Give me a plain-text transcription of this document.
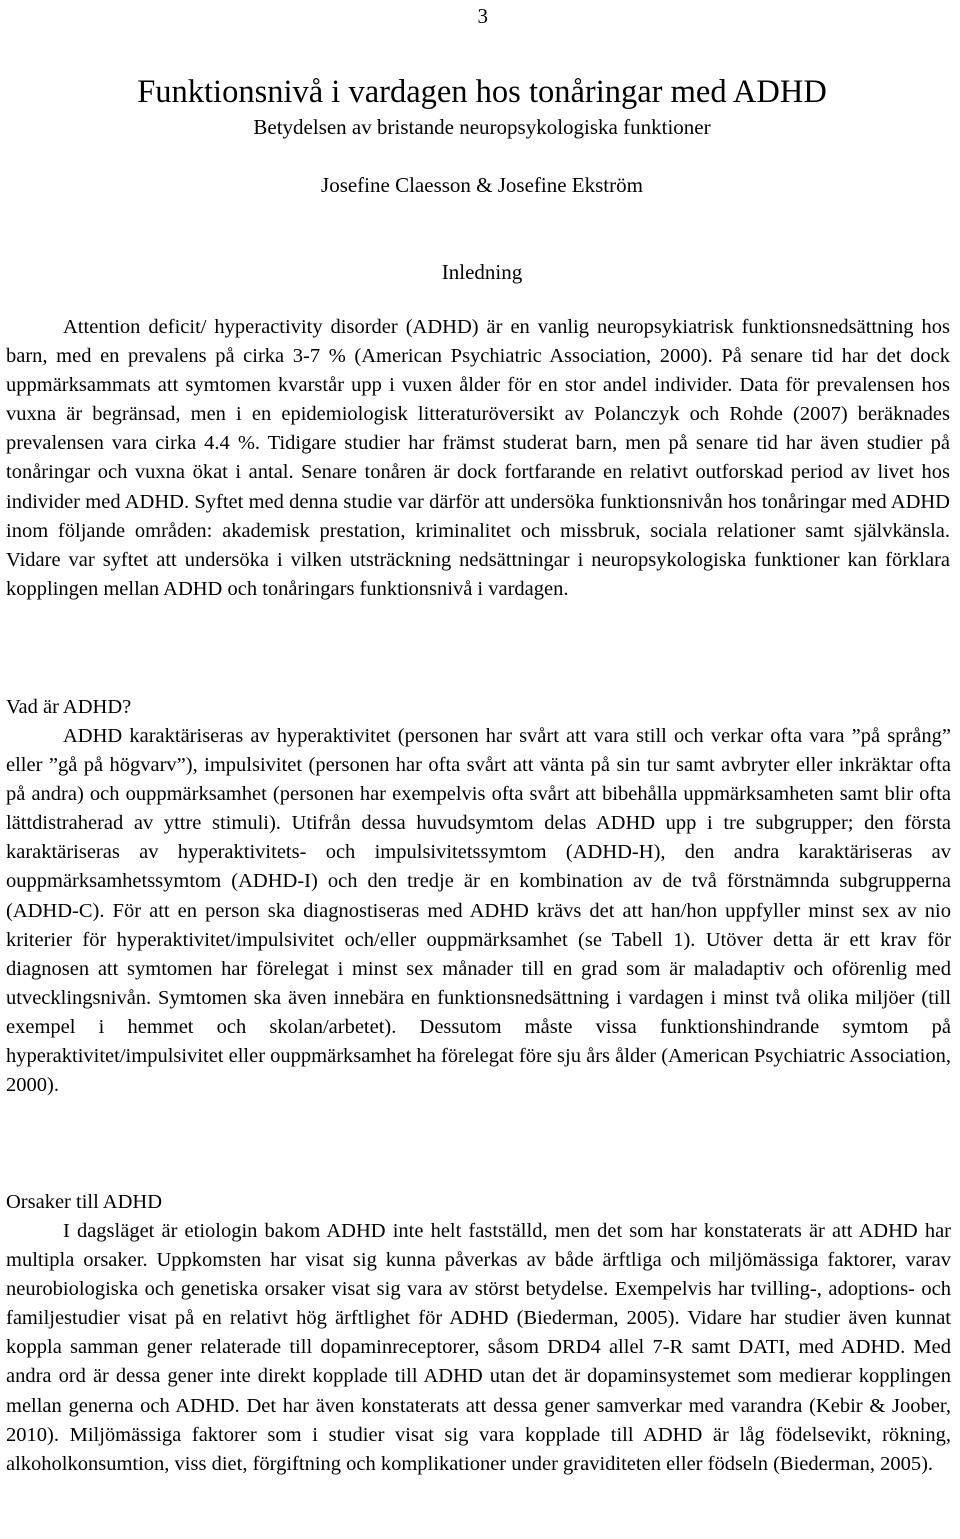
3
Funktionsnivå i vardagen hos tonåringar med ADHD
Betydelsen av bristande neuropsykologiska funktioner
Josefine Claesson & Josefine Ekström
Inledning

Attention deficit/ hyperactivity disorder (ADHD) är en vanlig neuropsykiatrisk funktionsnedsättning hos barn, med en prevalens på cirka 3-7 % (American Psychiatric Association, 2000). På senare tid har det dock uppmärksammats att symtomen kvarstår upp i vuxen ålder för en stor andel individer. Data för prevalensen hos vuxna är begränsad, men i en epidemiologisk litteraturöversikt av Polanczyk och Rohde (2007) beräknades prevalensen vara cirka 4.4 %. Tidigare studier har främst studerat barn, men på senare tid har även studier på tonåringar och vuxna ökat i antal. Senare tonåren är dock fortfarande en relativt outforskad period av livet hos individer med ADHD. Syftet med denna studie var därför att undersöka funktionsnivån hos tonåringar med ADHD inom följande områden: akademisk prestation, kriminalitet och missbruk, sociala relationer samt självkänsla. Vidare var syftet att undersöka i vilken utsträckning nedsättningar i neuropsykologiska funktioner kan förklara kopplingen mellan ADHD och tonåringars funktionsnivå i vardagen.

Vad är ADHD?

ADHD karaktäriseras av hyperaktivitet (personen har svårt att vara still och verkar ofta vara ”på språng” eller ”gå på högvarv”), impulsivitet (personen har ofta svårt att vänta på sin tur samt avbryter eller inkräktar ofta på andra) och ouppmärksamhet (personen har exempelvis ofta svårt att bibehålla uppmärksamheten samt blir ofta lättdistraherad av yttre stimuli). Utifrån dessa huvudsymtom delas ADHD upp i tre subgrupper; den första karaktäriseras av hyperaktivitets- och impulsivitetssymtom (ADHD-H), den andra karaktäriseras av ouppmärksamhetssymtom (ADHD-I) och den tredje är en kombination av de två förstnämnda subgrupperna (ADHD-C). För att en person ska diagnostiseras med ADHD krävs det att han/hon uppfyller minst sex av nio kriterier för hyperaktivitet/impulsivitet och/eller ouppmärksamhet (se Tabell 1). Utöver detta är ett krav för diagnosen att symtomen har förelegat i minst sex månader till en grad som är maladaptiv och oförenlig med utvecklingsnivån. Symtomen ska även innebära en funktionsnedsättning i vardagen i minst två olika miljöer (till exempel i hemmet och skolan/arbetet). Dessutom måste vissa funktionshindrande symtom på hyperaktivitet/impulsivitet eller ouppmärksamhet ha förelegat före sju års ålder (American Psychiatric Association, 2000).

Orsaker till ADHD

I dagsläget är etiologin bakom ADHD inte helt fastställd, men det som har konstaterats är att ADHD har multipla orsaker. Uppkomsten har visat sig kunna påverkas av både ärftliga och miljömässiga faktorer, varav neurobiologiska och genetiska orsaker visat sig vara av störst betydelse. Exempelvis har tvilling-, adoptions- och familjestudier visat på en relativt hög ärftlighet för ADHD (Biederman, 2005). Vidare har studier även kunnat koppla samman gener relaterade till dopaminreceptorer, såsom DRD4 allel 7-R samt DATI, med ADHD. Med andra ord är dessa gener inte direkt kopplade till ADHD utan det är dopaminsystemet som medierar kopplingen mellan generna och ADHD. Det har även konstaterats att dessa gener samverkar med varandra (Kebir & Joober, 2010). Miljömässiga faktorer som i studier visat sig vara kopplade till ADHD är låg födelsevikt, rökning, alkoholkonsumtion, viss diet, förgiftning och komplikationer under graviditeten eller födseln (Biederman, 2005).
